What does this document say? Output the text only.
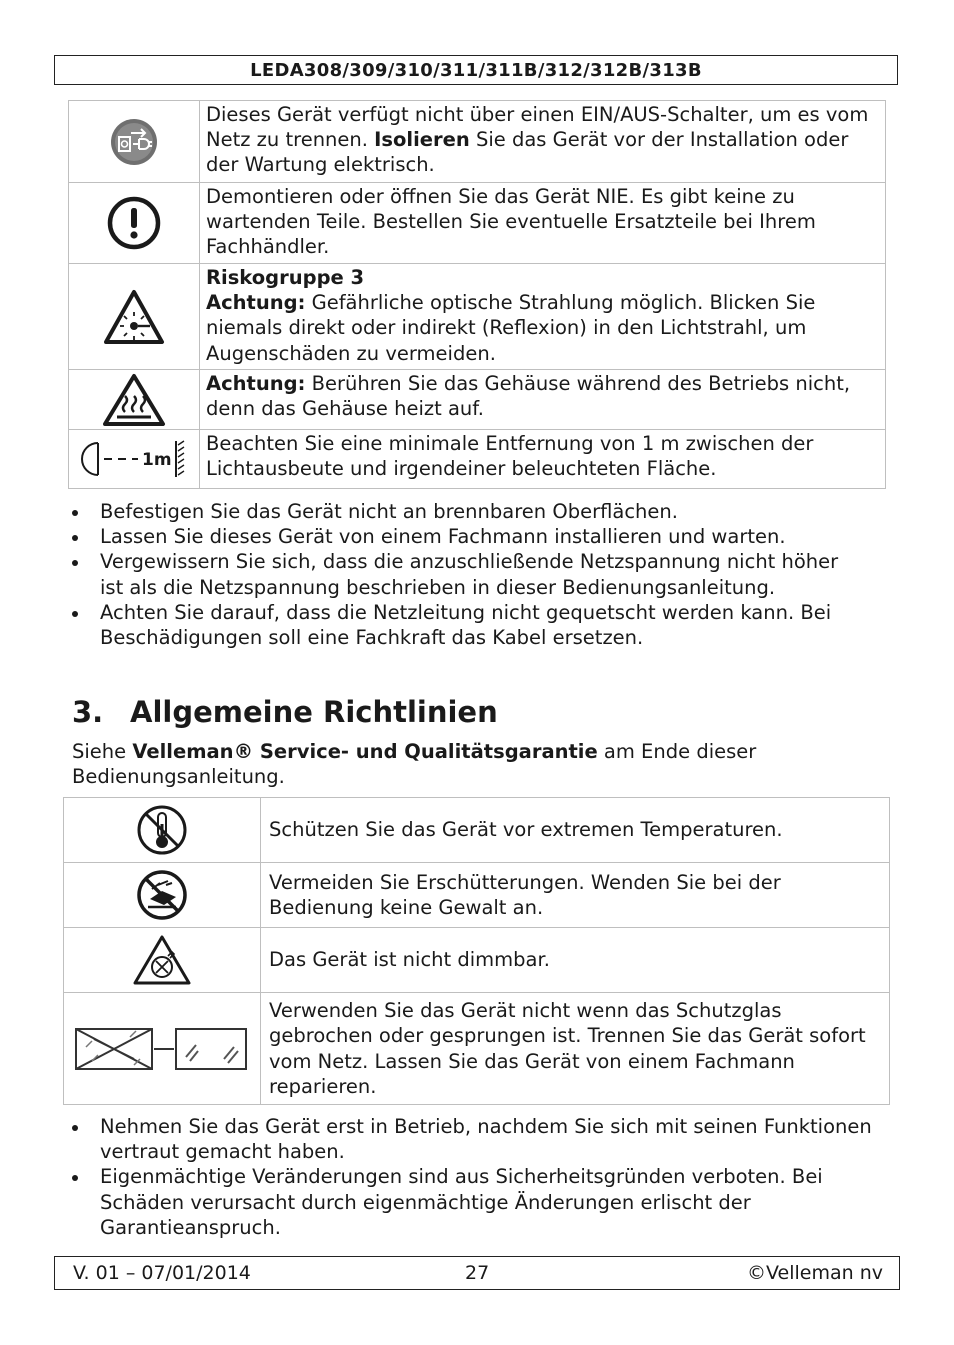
LEDA308/309/310/311/311B/312/312B/313B
	Dieses Gerät verfügt nicht über einen EIN/AUS-Schalter, um es vom Netz zu trennen. Isolieren Sie das Gerät vor der Installation oder der Wartung elektrisch.

	Demontieren oder öffnen Sie das Gerät NIE. Es gibt keine zu wartenden Teile. Bestellen Sie eventuelle Ersatzteile bei Ihrem Fachhändler.

	Riskogruppe 3
Achtung: Gefährliche optische Strahlung möglich. Blicken Sie niemals direkt oder indirekt (Reflexion) in den Lichtstrahl, um Augenschäden zu vermeiden.

	Achtung: Berühren Sie das Gehäuse während des Betriebs nicht, denn das Gehäuse heizt auf.

1m	Beachten Sie eine minimale Entfernung von 1 m zwischen der Lichtausbeute und irgendeiner beleuchteten Fläche.
Befestigen Sie das Gerät nicht an brennbaren Oberflächen.
Lassen Sie dieses Gerät von einem Fachmann installieren und warten.
Vergewissern Sie sich, dass die anzuschließende Netzspannung nicht höher ist als die Netzspannung beschrieben in dieser Bedienungsanleitung.
Achten Sie darauf, dass die Netzleitung nicht gequetscht werden kann. Bei Beschädigungen soll eine Fachkraft das Kabel ersetzen.
3. Allgemeine Richtlinien

Siehe Velleman® Service- und Qualitätsgarantie am Ende dieser Bedienungsanleitung.

	Schützen Sie das Gerät vor extremen Temperaturen.

	Vermeiden Sie Erschütterungen. Wenden Sie bei der Bedienung keine Gewalt an.

	Das Gerät ist nicht dimmbar.

	Verwenden Sie das Gerät nicht wenn das Schutzglas gebrochen oder gesprungen ist. Trennen Sie das Gerät sofort vom Netz. Lassen Sie das Gerät von einem Fachmann reparieren.
Nehmen Sie das Gerät erst in Betrieb, nachdem Sie sich mit seinen Funktionen vertraut gemacht haben.
Eigenmächtige Veränderungen sind aus Sicherheitsgründen verboten. Bei Schäden verursacht durch eigenmächtige Änderungen erlischt der Garantieanspruch.
V. 01 – 07/01/2014	27	©Velleman nv
